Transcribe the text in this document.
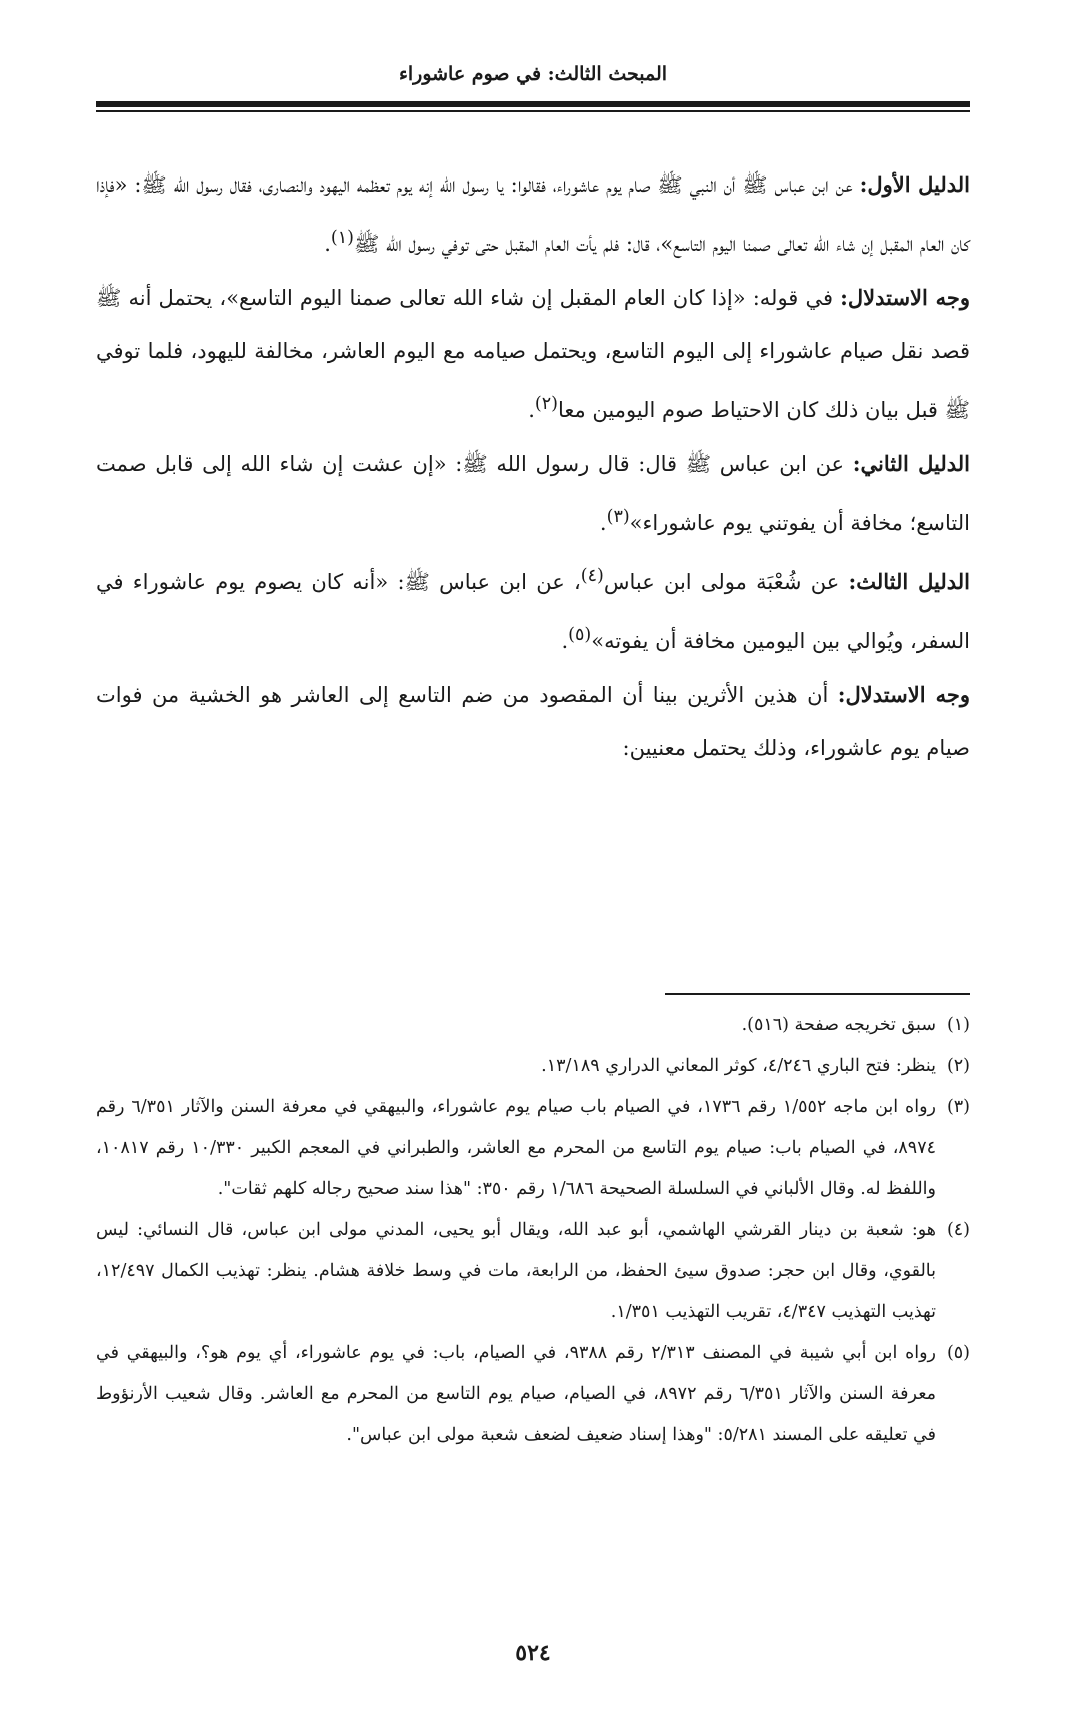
المبحث الثالث: في صوم عاشوراء

الدليل الأول: عن ابن عباس ﷺ أن النبي ﷺ صام يوم عاشوراء، فقالوا: يا رسول الله إنه يوم تعظمه اليهود والنصارى، فقال رسول الله ﷺ: «فإذا كان العام المقبل إن شاء الله تعالى صمنا اليوم التاسع»، قال: فلم يأت العام المقبل حتى توفي رسول الله ﷺ$^{(١)}$.

وجه الاستدلال: في قوله: «إذا كان العام المقبل إن شاء الله تعالى صمنا اليوم التاسع»، يحتمل أنه ﷺ قصد نقل صيام عاشوراء إلى اليوم التاسع، ويحتمل صيامه مع اليوم العاشر، مخالفة لليهود، فلما توفي ﷺ قبل بيان ذلك كان الاحتياط صوم اليومين معا$^{(٢)}$.

الدليل الثاني: عن ابن عباس ﷺ قال: قال رسول الله ﷺ: «إن عشت إن شاء الله إلى قابل صمت التاسع؛ مخافة أن يفوتني يوم عاشوراء»$^{(٣)}$.

الدليل الثالث: عن شُعْبَة مولى ابن عباس$^{(٤)}$، عن ابن عباس ﷺ: «أنه كان يصوم يوم عاشوراء في السفر، ويُوالي بين اليومين مخافة أن يفوته»$^{(٥)}$.

وجه الاستدلال: أن هذين الأثرين بينا أن المقصود من ضم التاسع إلى العاشر هو الخشية من فوات صيام يوم عاشوراء، وذلك يحتمل معنيين:

(١)
سبق تخريجه صفحة (٥١٦).
(٢)
ينظر: فتح الباري ٤/٢٤٦، كوثر المعاني الدراري ١٣/١٨٩.
(٣)
رواه ابن ماجه ١/٥٥٢ رقم ١٧٣٦، في الصيام باب صيام يوم عاشوراء، والبيهقي في معرفة السنن والآثار ٦/٣٥١ رقم ٨٩٧٤، في الصيام باب: صيام يوم التاسع من المحرم مع العاشر، والطبراني في المعجم الكبير ١٠/٣٣٠ رقم ١٠٨١٧، واللفظ له. وقال الألباني في السلسلة الصحيحة ١/٦٨٦ رقم ٣٥٠: "هذا سند صحيح رجاله كلهم ثقات".
(٤)
هو: شعبة بن دينار القرشي الهاشمي، أبو عبد الله، ويقال أبو يحيى، المدني مولى ابن عباس، قال النسائي: ليس بالقوي، وقال ابن حجر: صدوق سيئ الحفظ، من الرابعة، مات في وسط خلافة هشام. ينظر: تهذيب الكمال ١٢/٤٩٧، تهذيب التهذيب ٤/٣٤٧، تقريب التهذيب ١/٣٥١.
(٥)
رواه ابن أبي شيبة في المصنف ٢/٣١٣ رقم ٩٣٨٨، في الصيام، باب: في يوم عاشوراء، أي يوم هو؟، والبيهقي في معرفة السنن والآثار ٦/٣٥١ رقم ٨٩٧٢، في الصيام، صيام يوم التاسع من المحرم مع العاشر. وقال شعيب الأرنؤوط في تعليقه على المسند ٥/٢٨١: "وهذا إسناد ضعيف لضعف شعبة مولى ابن عباس".
٥٢٤
